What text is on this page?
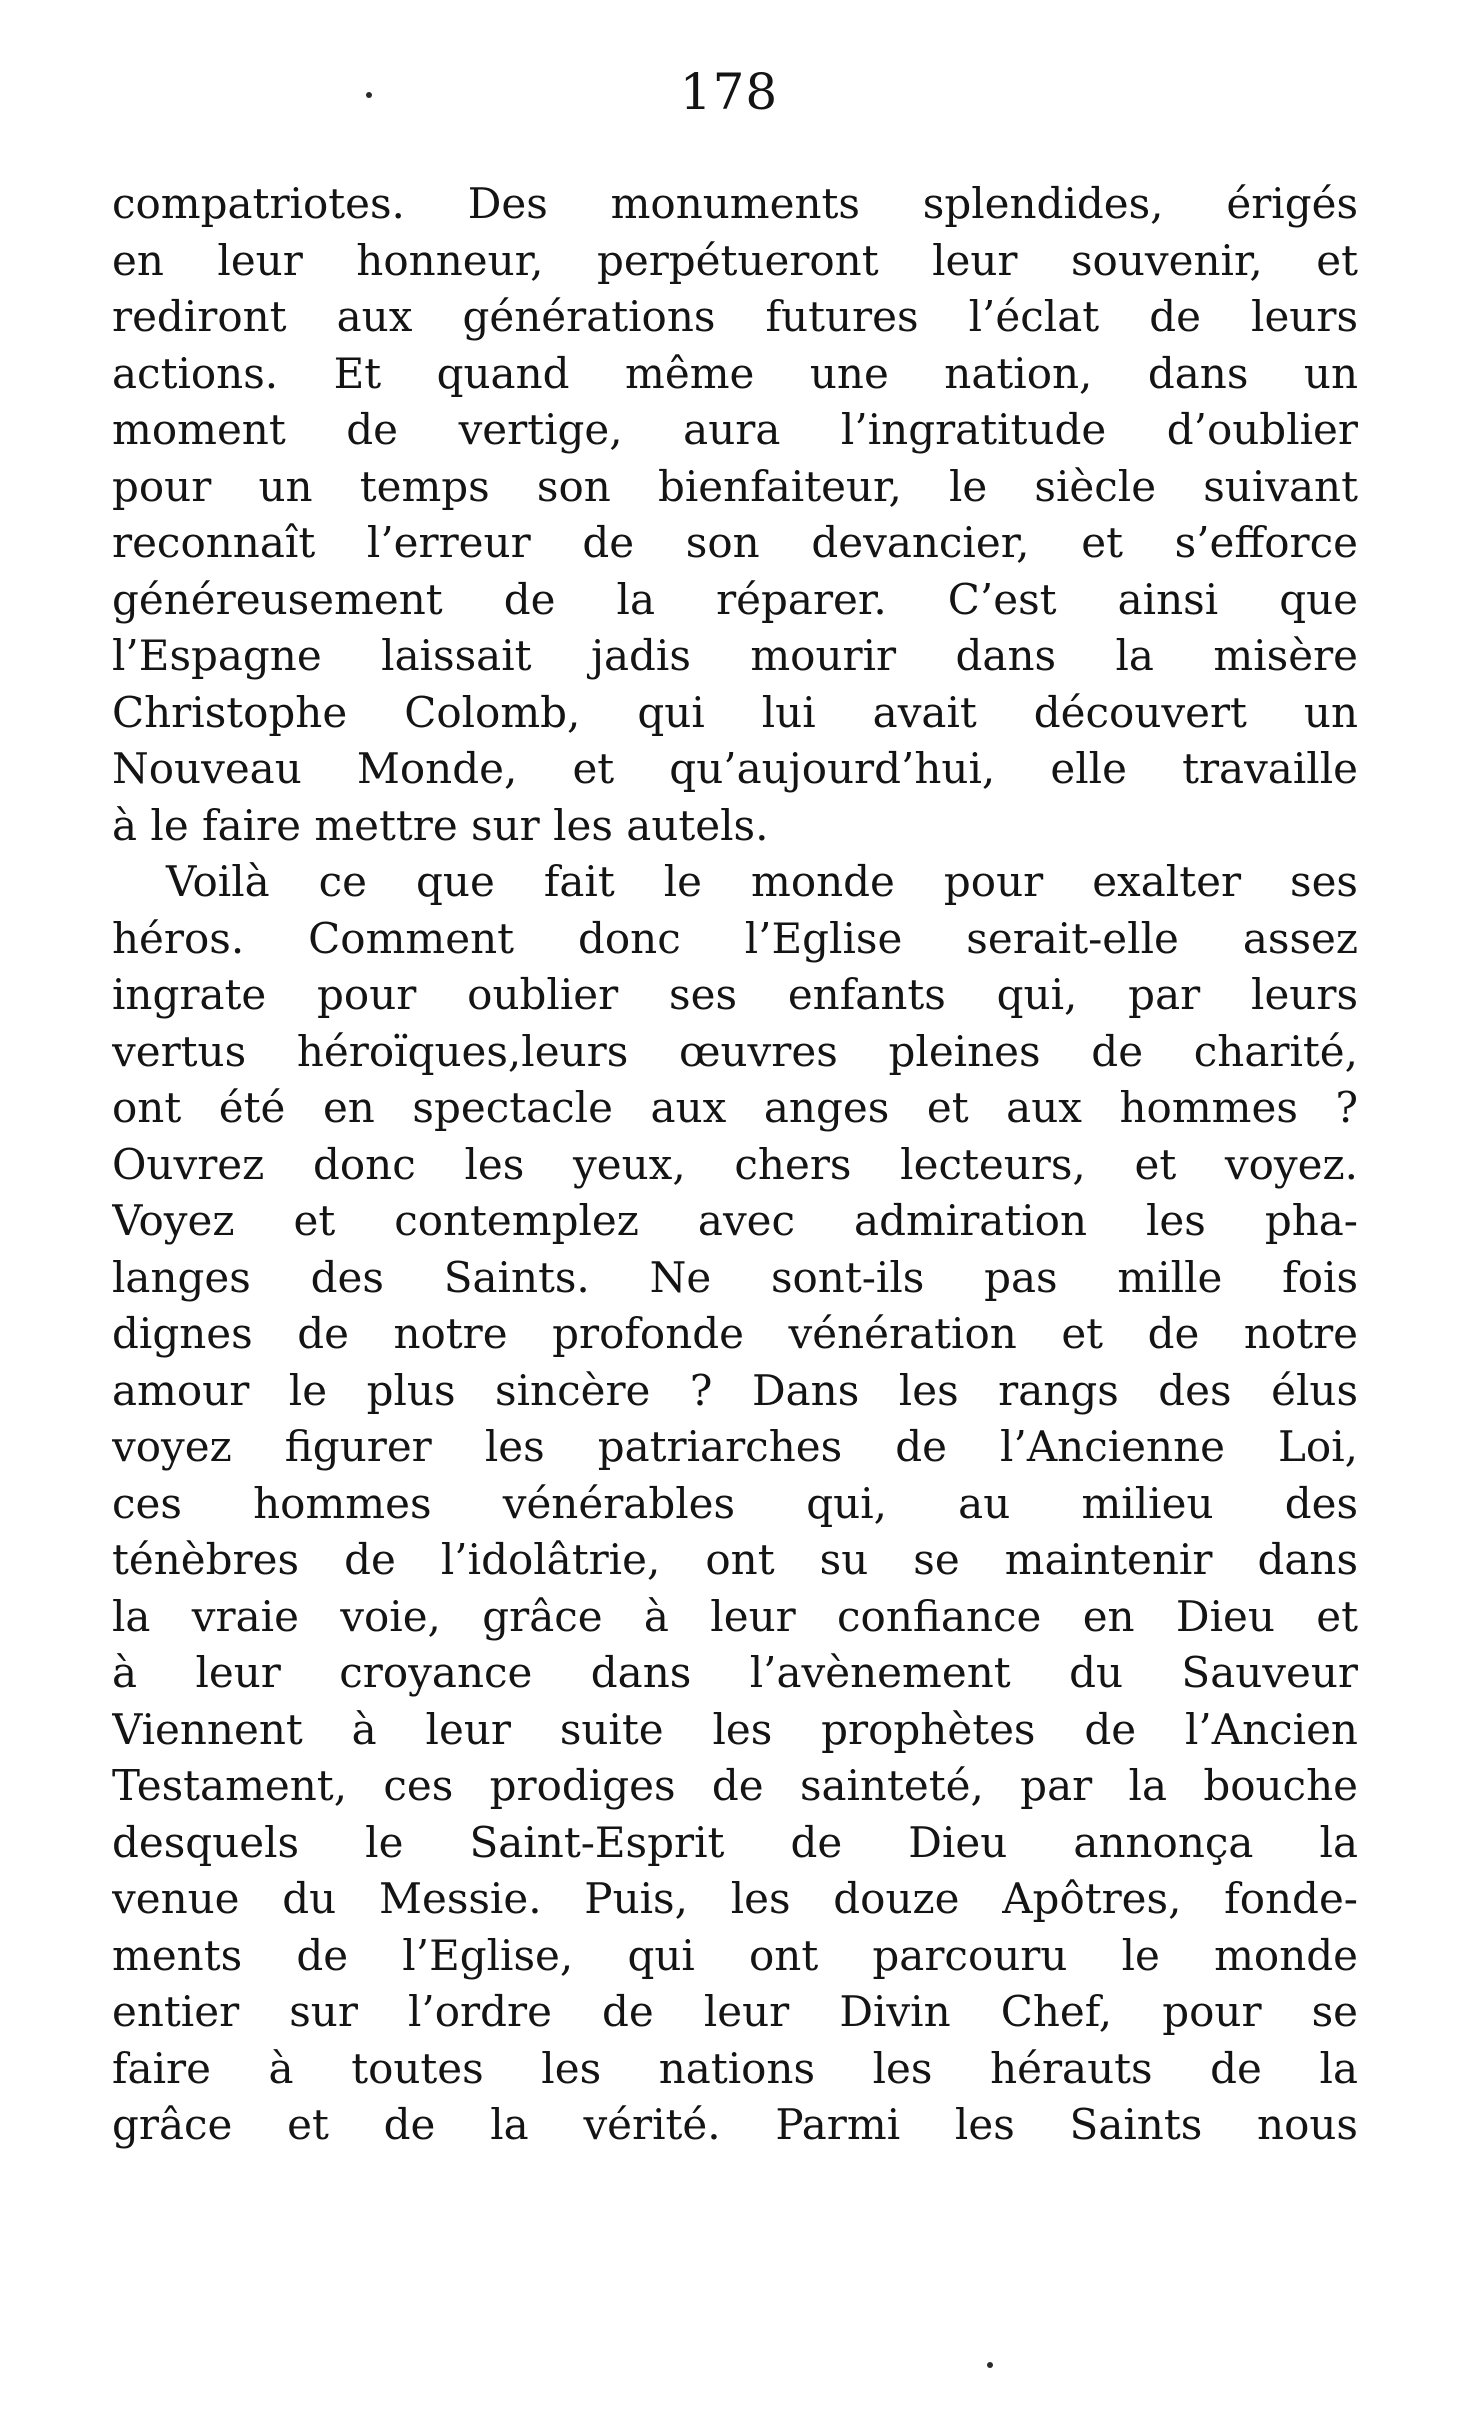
178
compatriotes. Des monuments splendides, érigés
en leur honneur, perpétueront leur souvenir, et
rediront aux générations futures l’éclat de leurs
actions. Et quand même une nation, dans un
moment de vertige, aura l’ingratitude d’oublier
pour un temps son bienfaiteur, le siècle suivant
reconnaît l’erreur de son devancier, et s’efforce
généreusement de la réparer. C’est ainsi que
l’Espagne laissait jadis mourir dans la misère
Christophe Colomb, qui lui avait découvert un
Nouveau Monde, et qu’aujourd’hui, elle travaille
à le faire mettre sur les autels.
Voilà ce que fait le monde pour exalter ses
héros. Comment donc l’Eglise serait-elle assez
ingrate pour oublier ses enfants qui, par leurs
vertus héroïques,leurs œuvres pleines de charité,
ont été en spectacle aux anges et aux hommes ?
Ouvrez donc les yeux, chers lecteurs, et voyez.
Voyez et contemplez avec admiration les pha-
langes des Saints. Ne sont-ils pas mille fois
dignes de notre profonde vénération et de notre
amour le plus sincère ? Dans les rangs des élus
voyez figurer les patriarches de l’Ancienne Loi,
ces hommes vénérables qui, au milieu des
ténèbres de l’idolâtrie, ont su se maintenir dans
la vraie voie, grâce à leur confiance en Dieu et
à leur croyance dans l’avènement du Sauveur
Viennent à leur suite les prophètes de l’Ancien
Testament, ces prodiges de sainteté, par la bouche
desquels le Saint-Esprit de Dieu annonça la
venue du Messie. Puis, les douze Apôtres, fonde-
ments de l’Eglise, qui ont parcouru le monde
entier sur l’ordre de leur Divin Chef, pour se
faire à toutes les nations les hérauts de la
grâce et de la vérité. Parmi les Saints nous
